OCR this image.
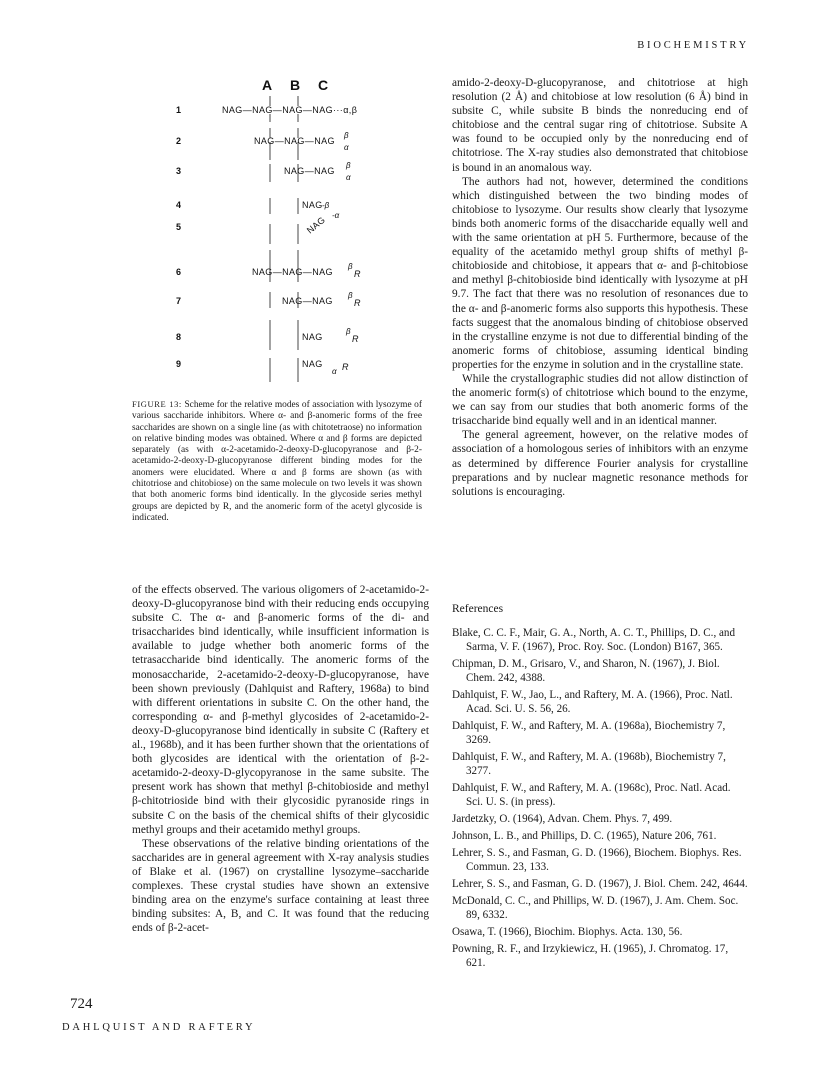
BIOCHEMISTRY
A B C
1
2
3
4
5
6
7
8
9
NAG—NAG—NAG—NAG···α,β
NAG—NAG—NAG
NAG—NAG
NAG
NAG
NAG—NAG—NAG
NAG—NAG
NAG
NAG
β
α
β
α
-β
-α
β
β
β
α
R
R
R
R
FIGURE 13: Scheme for the relative modes of association with lysozyme of various saccharide inhibitors. Where α- and β-anomeric forms of the free saccharides are shown on a single line (as with chitotetraose) no information on relative binding modes was obtained. Where α and β forms are depicted separately (as with α-2-acetamido-2-deoxy-D-glucopyranose and β-2-acetamido-2-deoxy-D-glucopyranose different binding modes for the anomers were elucidated. Where α and β forms are shown (as with chitotriose and chitobiose) on the same molecule on two levels it was shown that both anomeric forms bind identically. In the glycoside series methyl groups are depicted by R, and the anomeric form of the acetyl glycoside is indicated.

of the effects observed. The various oligomers of 2-acetamido-2-deoxy-D-glucopyranose bind with their reducing ends occupying subsite C. The α- and β-anomeric forms of the di- and trisaccharides bind identically, while insufficient information is available to judge whether both anomeric forms of the tetrasaccharide bind identically. The anomeric forms of the monosaccharide, 2-acetamido-2-deoxy-D-glucopyranose, have been shown previously (Dahlquist and Raftery, 1968a) to bind with different orientations in subsite C. On the other hand, the corresponding α- and β-methyl glycosides of 2-acetamido-2-deoxy-D-glucopyranose bind identically in subsite C (Raftery et al., 1968b), and it has been further shown that the orientations of both glycosides are identical with the orientation of β-2-acetamido-2-deoxy-D-glycopyranose in the same subsite. The present work has shown that methyl β-chitobioside and methyl β-chitotrioside bind with their glycosidic pyranoside rings in subsite C on the basis of the chemical shifts of their glycosidic methyl groups and their acetamido methyl groups.

These observations of the relative binding orientations of the saccharides are in general agreement with X-ray analysis studies of Blake et al. (1967) on crystalline lysozyme–saccharide complexes. These crystal studies have shown an extensive binding area on the enzyme's surface containing at least three binding subsites: A, B, and C. It was found that the reducing ends of β-2-acet-

724

amido-2-deoxy-D-glucopyranose, and chitotriose at high resolution (2 Å) and chitobiose at low resolution (6 Å) bind in subsite C, while subsite B binds the nonreducing end of chitobiose and the central sugar ring of chitotriose. Subsite A was found to be occupied only by the nonreducing end of chitotriose. The X-ray studies also demonstrated that chitobiose is bound in an anomalous way.

The authors had not, however, determined the conditions which distinguished between the two binding modes of chitobiose to lysozyme. Our results show clearly that lysozyme binds both anomeric forms of the disaccharide equally well and with the same orientation at pH 5. Furthermore, because of the equality of the acetamido methyl group shifts of methyl β-chitobioside and chitobiose, it appears that α- and β-chitobiose and methyl β-chitobioside bind identically with lysozyme at pH 9.7. The fact that there was no resolution of resonances due to the α- and β-anomeric forms also supports this hypothesis. These facts suggest that the anomalous binding of chitobiose observed in the crystalline enzyme is not due to differential binding of the anomeric forms of chitobiose, assuming identical binding properties for the enzyme in solution and in the crystalline state.

While the crystallographic studies did not allow distinction of the anomeric form(s) of chitotriose which bound to the enzyme, we can say from our studies that both anomeric forms of the trisaccharide bind equally well and in an identical manner.

The general agreement, however, on the relative modes of association of a homologous series of inhibitors with an enzyme as determined by difference Fourier analysis for crystalline preparations and by nuclear magnetic resonance methods for solutions is encouraging.

References
Blake, C. C. F., Mair, G. A., North, A. C. T., Phillips, D. C., and Sarma, V. F. (1967), Proc. Roy. Soc. (London) B167, 365.
Chipman, D. M., Grisaro, V., and Sharon, N. (1967), J. Biol. Chem. 242, 4388.
Dahlquist, F. W., Jao, L., and Raftery, M. A. (1966), Proc. Natl. Acad. Sci. U. S. 56, 26.
Dahlquist, F. W., and Raftery, M. A. (1968a), Biochemistry 7, 3269.
Dahlquist, F. W., and Raftery, M. A. (1968b), Biochemistry 7, 3277.
Dahlquist, F. W., and Raftery, M. A. (1968c), Proc. Natl. Acad. Sci. U. S. (in press).
Jardetzky, O. (1964), Advan. Chem. Phys. 7, 499.
Johnson, L. B., and Phillips, D. C. (1965), Nature 206, 761.
Lehrer, S. S., and Fasman, G. D. (1966), Biochem. Biophys. Res. Commun. 23, 133.
Lehrer, S. S., and Fasman, G. D. (1967), J. Biol. Chem. 242, 4644.
McDonald, C. C., and Phillips, W. D. (1967), J. Am. Chem. Soc. 89, 6332.
Osawa, T. (1966), Biochim. Biophys. Acta. 130, 56.
Powning, R. F., and Irzykiewicz, H. (1965), J. Chromatog. 17, 621.
DAHLQUIST AND RAFTERY
